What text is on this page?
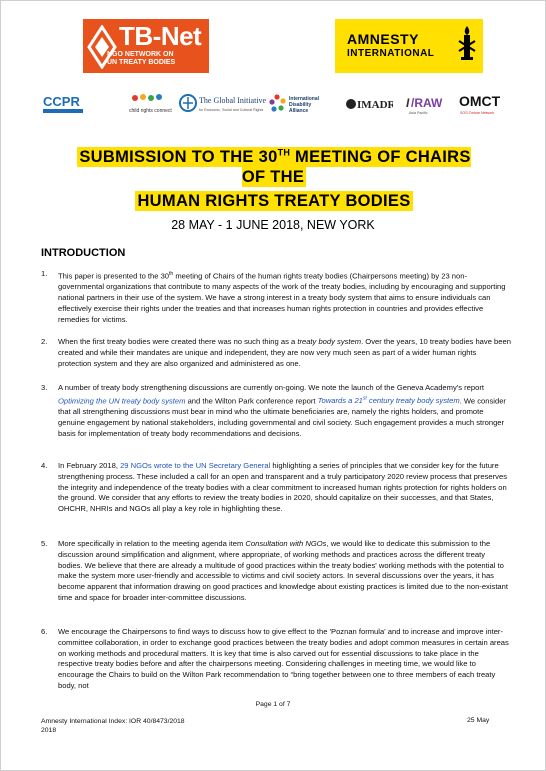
TB-Net
NGO NETWORK ON
UN TREATY BODIES
AMNESTY
INTERNATIONAL
CCPR
child rights connect
The Global Initiative
for Economic, Social and Cultural Rights
International
Disability
Alliance	IMADR I /RAW
Asia Pacific
OMCT
SOS-Torture Network
SUBMISSION TO THE 30TH MEETING OF CHAIRS OF THE
HUMAN RIGHTS TREATY BODIES
28 MAY - 1 JUNE 2018, NEW YORK
INTRODUCTION
1. This paper is presented to the 30th meeting of Chairs of the human rights treaty bodies (Chairpersons meeting) by 23 non-governmental organizations that contribute to many aspects of the work of the treaty bodies, including by encouraging and supporting national partners in their use of the system. We have a strong interest in a treaty body system that aims to ensure individuals can effectively exercise their rights under the treaties and that increases human rights protection in countries and provides effective remedies for victims.
2. When the first treaty bodies were created there was no such thing as a treaty body system. Over the years, 10 treaty bodies have been created and while their mandates are unique and independent, they are now very much seen as part of a wider human rights protection system and they are also organized and administered as one.
3. A number of treaty body strengthening discussions are currently on-going. We note the launch of the Geneva Academy's report Optimizing the UN treaty body system and the Wilton Park conference report Towards a 21st century treaty body system. We consider that all strengthening discussions must bear in mind who the ultimate beneficiaries are, namely the rights holders, and promote genuine engagement by national stakeholders, including governmental and civil society. Such engagement provides a much stronger basis for implementation of treaty body recommendations and decisions.
4. In February 2018, 29 NGOs wrote to the UN Secretary General highlighting a series of principles that we consider key for the future strengthening process. These included a call for an open and transparent and a truly participatory 2020 review process that preserves the integrity and independence of the treaty bodies with a clear commitment to increased human rights protection for rights holders on the ground. We consider that any efforts to review the treaty bodies in 2020, should capitalize on their successes, and that States, OHCHR, NHRIs and NGOs all play a key role in highlighting these.
5. More specifically in relation to the meeting agenda item Consultation with NGOs, we would like to dedicate this submission to the discussion around simplification and alignment, where appropriate, of working methods and practices across the different treaty bodies. We believe that there are already a multitude of good practices within the treaty bodies' working methods with the potential to make the system more user-friendly and accessible to victims and civil society actors. In several discussions over the years, it has become apparent that information drawing on good practices and knowledge about existing practices is limited due to the non-existant time and space for broader inter-committee discussions.
6. We encourage the Chairpersons to find ways to discuss how to give effect to the 'Poznan formula' and to increase and improve inter-committee collaboration, in order to exchange good practices between the treaty bodies and adopt common measures in certain areas on working methods and procedural matters. It is key that time is also carved out for essential discussions to take place in the respective treaty bodies before and after the chairpersons meeting. Considering challenges in meeting time, we would like to encourage the Chairs to build on the Wilton Park recommendation to “bring together between one to three members of each treaty body, not
Page 1 of 7
Amnesty International Index: IOR 40/8473/2018
2018
25 May
